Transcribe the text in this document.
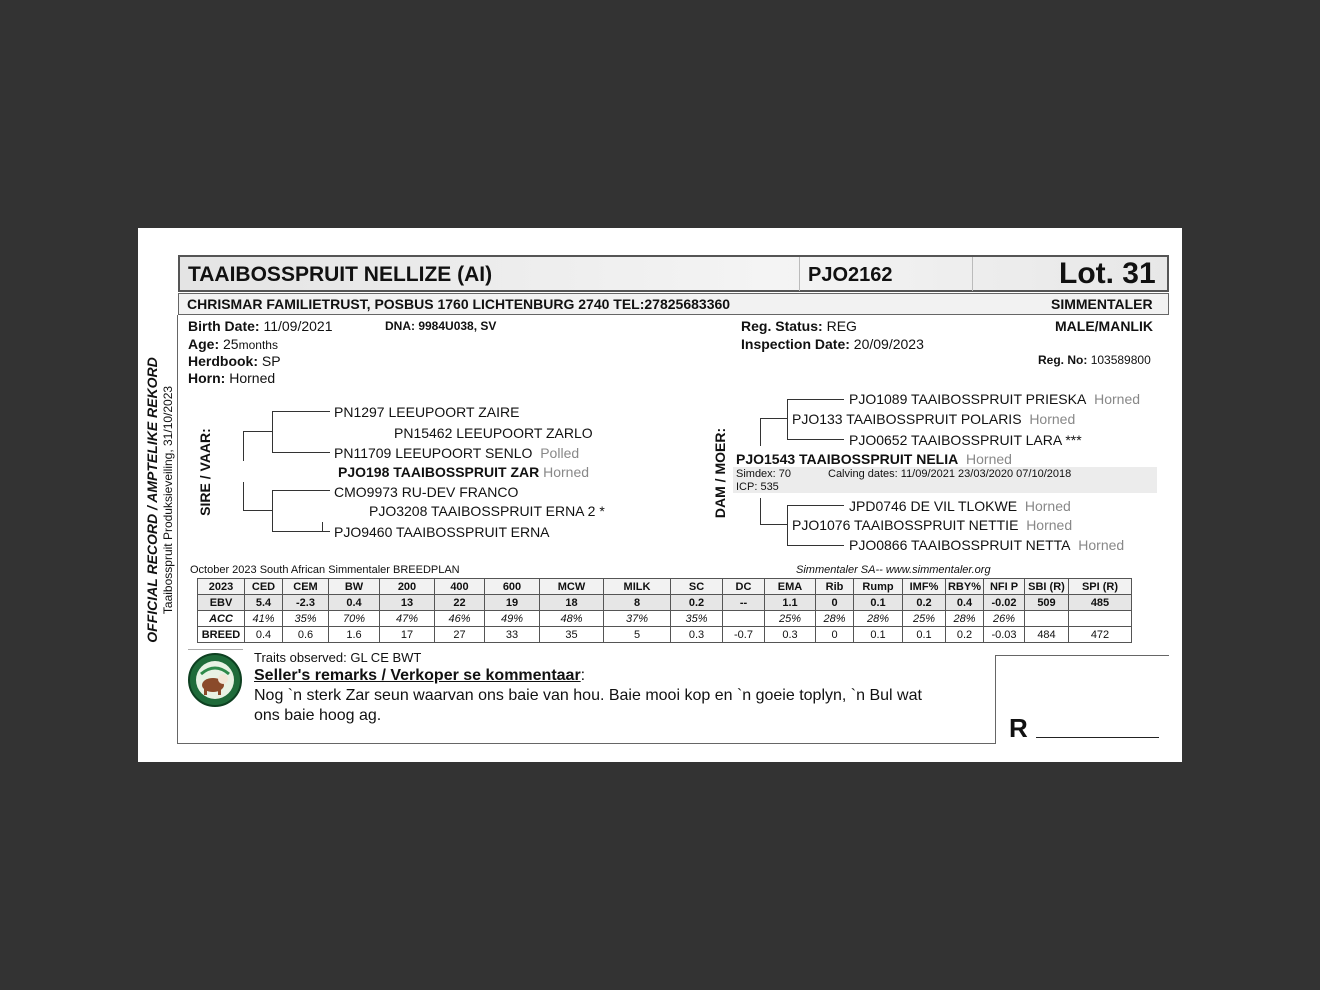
TAAIBOSSPRUIT NELLIZE (AI)	PJO2162	Lot. 31
CHRISMAR FAMILIETRUST, POSBUS 1760 LICHTENBURG 2740 TEL:27825683360	SIMMENTALER
Birth Date: 11/09/2021	DNA: 9984U038, SV
Age: 25months
Herdbook: SP
Horn: Horned
Reg. Status: REG
Inspection Date: 20/09/2023
MALE/MANLIK
Reg. No: 103589800
OFFICIAL RECORD / AMPTELIKE REKORD Taaibosspruit Produksieveiling, 31/10/2023 SIRE / VAAR:	DAM / MOER:
PN1297 LEEUPOORT ZAIRE
PN15462 LEEUPOORT ZARLO
PN11709 LEEUPOORT SENLO Polled
PJO198 TAAIBOSSPRUIT ZAR Horned
CMO9973 RU-DEV FRANCO
PJO3208 TAAIBOSSPRUIT ERNA 2 *
PJO9460 TAAIBOSSPRUIT ERNA
PJO1089 TAAIBOSSPRUIT PRIESKA Horned
PJO133 TAAIBOSSPRUIT POLARIS Horned
PJO0652 TAAIBOSSPRUIT LARA ***
PJO1543 TAAIBOSSPRUIT NELIA Horned
Simdex: 70	Calving dates: 11/09/2021 23/03/2020 07/10/2018
ICP: 535
JPD0746 DE VIL TLOKWE Horned
PJO1076 TAAIBOSSPRUIT NETTIE Horned
PJO0866 TAAIBOSSPRUIT NETTA Horned
October 2023 South African Simmentaler BREEDPLAN	Simmentaler SA-- www.simmentaler.org
2023	CED	CEM	BW	200	400	600	MCW	MILK	SC	DC	EMA	Rib	Rump	IMF%	RBY%	NFI P	SBI (R)	SPI (R)
EBV	5.4	-2.3	0.4	13	22	19	18	8	0.2	--	1.1	0	0.1	0.2	0.4	-0.02	509	485
ACC	41%	35%	70%	47%	46%	49%	48%	37%	35%		25%	28%	28%	25%	28%	26%		
BREED	0.4	0.6	1.6	17	27	33	35	5	0.3	-0.7	0.3	0	0.1	0.1	0.2	-0.03	484	472
Traits observed: GL CE BWT
Seller's remarks / Verkoper se kommentaar:
Nog `n sterk Zar seun waarvan ons baie van hou. Baie mooi kop en `n goeie toplyn, `n Bul wat
ons baie hoog ag.	R
